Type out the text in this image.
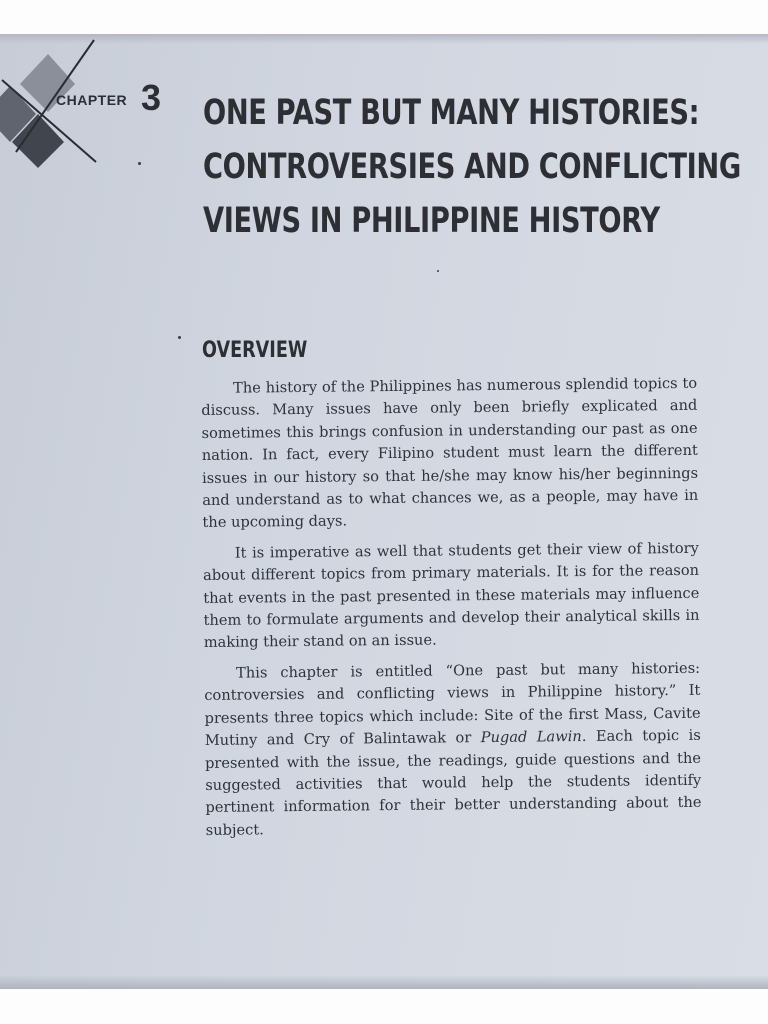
CHAPTER 3 ONE PAST BUT MANY HISTORIES:
CONTROVERSIES AND CONFLICTING
VIEWS IN PHILIPPINE HISTORY
OVERVIEW

The history of the Philippines has numerous splendid topics to discuss. Many issues have only been briefly explicated and sometimes this brings confusion in understanding our past as one nation. In fact, every Filipino student must learn the different issues in our history so that he/she may know his/her beginnings and understand as to what chances we, as a people, may have in the upcoming days.

It is imperative as well that students get their view of history about different topics from primary materials. It is for the reason that events in the past presented in these materials may influence them to formulate arguments and develop their analytical skills in making their stand on an issue.

This chapter is entitled “One past but many histories: controversies and conflicting views in Philippine history.” It presents three topics which include: Site of the first Mass, Cavite Mutiny and Cry of Balintawak or Pugad Lawin. Each topic is presented with the issue, the readings, guide questions and the suggested activities that would help the students identify pertinent information for their better understanding about the subject.
